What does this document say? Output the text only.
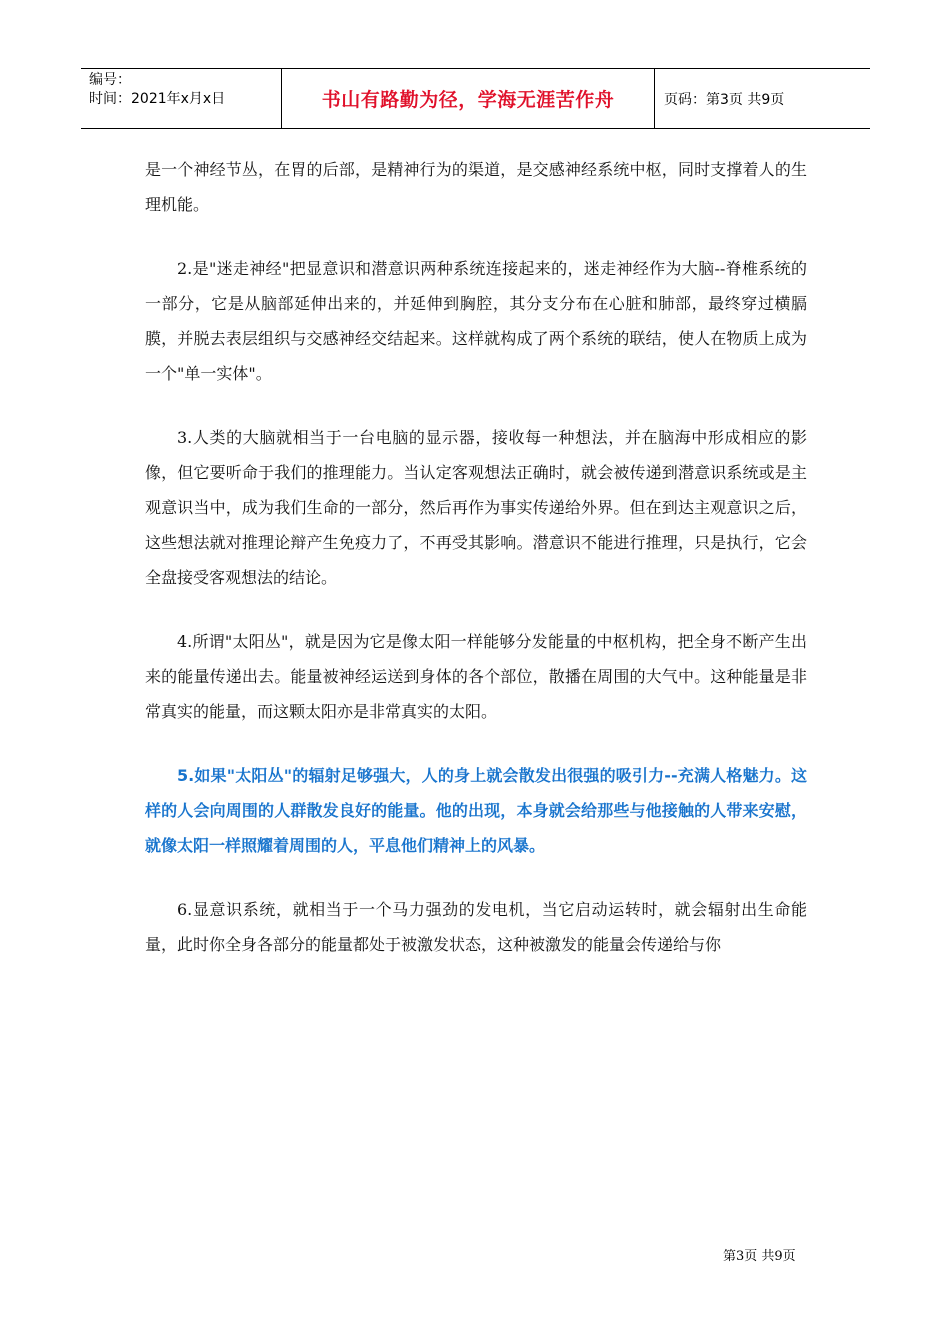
编号：
时间：2021年x月x日	书山有路勤为径，学海无涯苦作舟	页码：第3页 共9页

是一个神经节丛，在胃的后部，是精神行为的渠道，是交感神经系统中枢，同时支撑着人的生理机能。

2.是"迷走神经"把显意识和潜意识两种系统连接起来的，迷走神经作为大脑--脊椎系统的一部分，它是从脑部延伸出来的，并延伸到胸腔，其分支分布在心脏和肺部，最终穿过横膈膜，并脱去表层组织与交感神经交结起来。这样就构成了两个系统的联结，使人在物质上成为一个"单一实体"。

3.人类的大脑就相当于一台电脑的显示器，接收每一种想法，并在脑海中形成相应的影像，但它要听命于我们的推理能力。当认定客观想法正确时，就会被传递到潜意识系统或是主观意识当中，成为我们生命的一部分，然后再作为事实传递给外界。但在到达主观意识之后，这些想法就对推理论辩产生免疫力了，不再受其影响。潜意识不能进行推理，只是执行，它会全盘接受客观想法的结论。

4.所谓"太阳丛"，就是因为它是像太阳一样能够分发能量的中枢机构，把全身不断产生出来的能量传递出去。能量被神经运送到身体的各个部位，散播在周围的大气中。这种能量是非常真实的能量，而这颗太阳亦是非常真实的太阳。

5.如果"太阳丛"的辐射足够强大，人的身上就会散发出很强的吸引力--充满人格魅力。这样的人会向周围的人群散发良好的能量。他的出现，本身就会给那些与他接触的人带来安慰，就像太阳一样照耀着周围的人，平息他们精神上的风暴。

6.显意识系统，就相当于一个马力强劲的发电机，当它启动运转时，就会辐射出生命能量，此时你全身各部分的能量都处于被激发状态，这种被激发的能量会传递给与你

第3页 共9页
